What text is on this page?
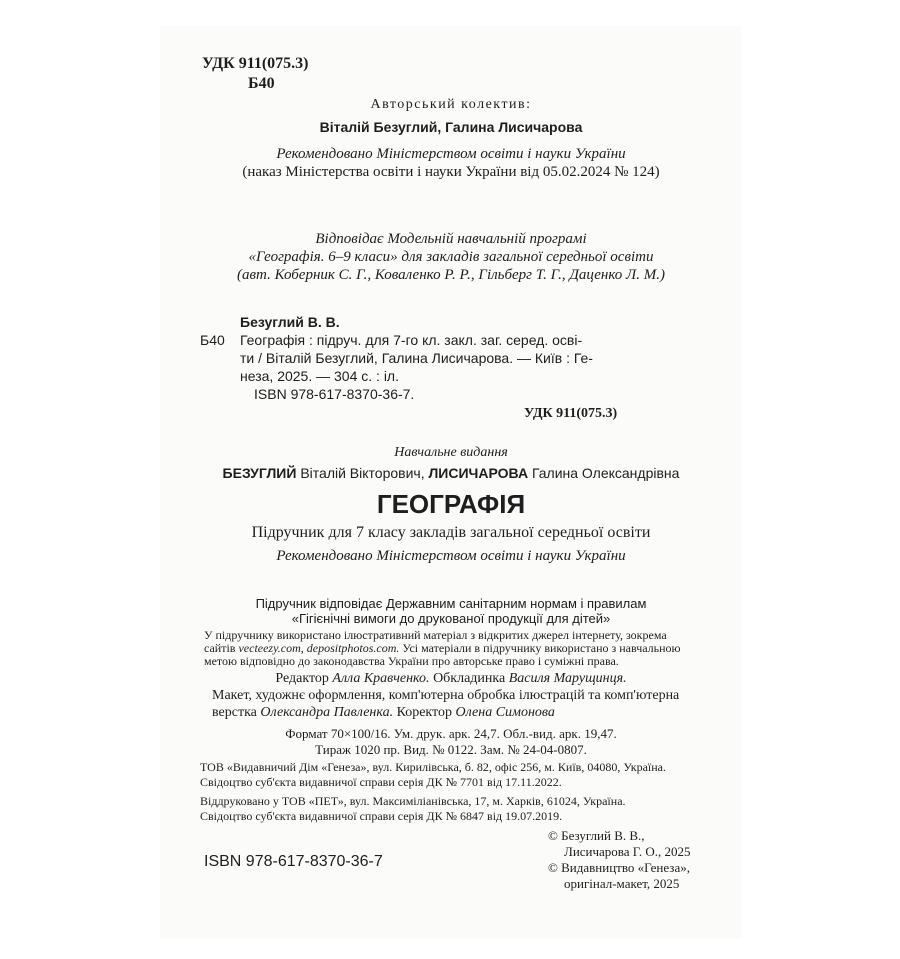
УДК 911(075.3)
Б40
Авторський колектив:
Віталій Безуглий, Галина Лисичарова
Рекомендовано Міністерством освіти і науки України
(наказ Міністерства освіти і науки України від 05.02.2024 № 124)
Відповідає Модельній навчальній програмі
«Географія. 6–9 класи» для закладів загальної середньої освіти
(авт. Коберник С. Г., Коваленко Р. Р., Гільберг Т. Г., Даценко Л. М.)
Безуглий В. В.
Б40 Географія : підруч. для 7-го кл. закл. заг. серед. осві-
ти / Віталій Безуглий, Галина Лисичарова. — Київ : Ге-
неза, 2025. — 304 с. : іл.
ISBN 978-617-8370-36-7.
УДК 911(075.3)
Навчальне видання
БЕЗУГЛИЙ Віталій Вікторович, ЛИСИЧАРОВА Галина Олександрівна
ГЕОГРАФІЯ
Підручник для 7 класу закладів загальної середньої освіти
Рекомендовано Міністерством освіти і науки України
Підручник відповідає Державним санітарним нормам і правилам
«Гігієнічні вимоги до друкованої продукції для дітей»
У підручнику використано ілюстративний матеріал з відкритих джерел інтернету, зокрема
сайтів vecteezy.com, depositphotos.com. Усі матеріали в підручнику використано з навчальною
метою відповідно до законодавства України про авторське право і суміжні права.
Редактор Алла Кравченко. Обкладинка Василя Марущинця.
Макет, художнє оформлення, комп'ютерна обробка ілюстрацій та комп'ютерна
верстка Олександра Павленка. Коректор Олена Симонова
Формат 70×100/16. Ум. друк. арк. 24,7. Обл.-вид. арк. 19,47.
Тираж 1020 пр. Вид. № 0122. Зам. № 24-04-0807.
ТОВ «Видавничий Дім «Генеза», вул. Кирилівська, б. 82, офіс 256, м. Київ, 04080, Україна.
Свідоцтво суб'єкта видавничої справи серія ДК № 7701 від 17.11.2022.
Віддруковано у ТОВ «ПЕТ», вул. Максиміліанівська, 17, м. Харків, 61024, Україна.
Свідоцтво суб'єкта видавничої справи серія ДК № 6847 від 19.07.2019.
© Безуглий В. В.,
Лисичарова Г. О., 2025
© Видавництво «Генеза»,
оригінал-макет, 2025
ISBN 978-617-8370-36-7
